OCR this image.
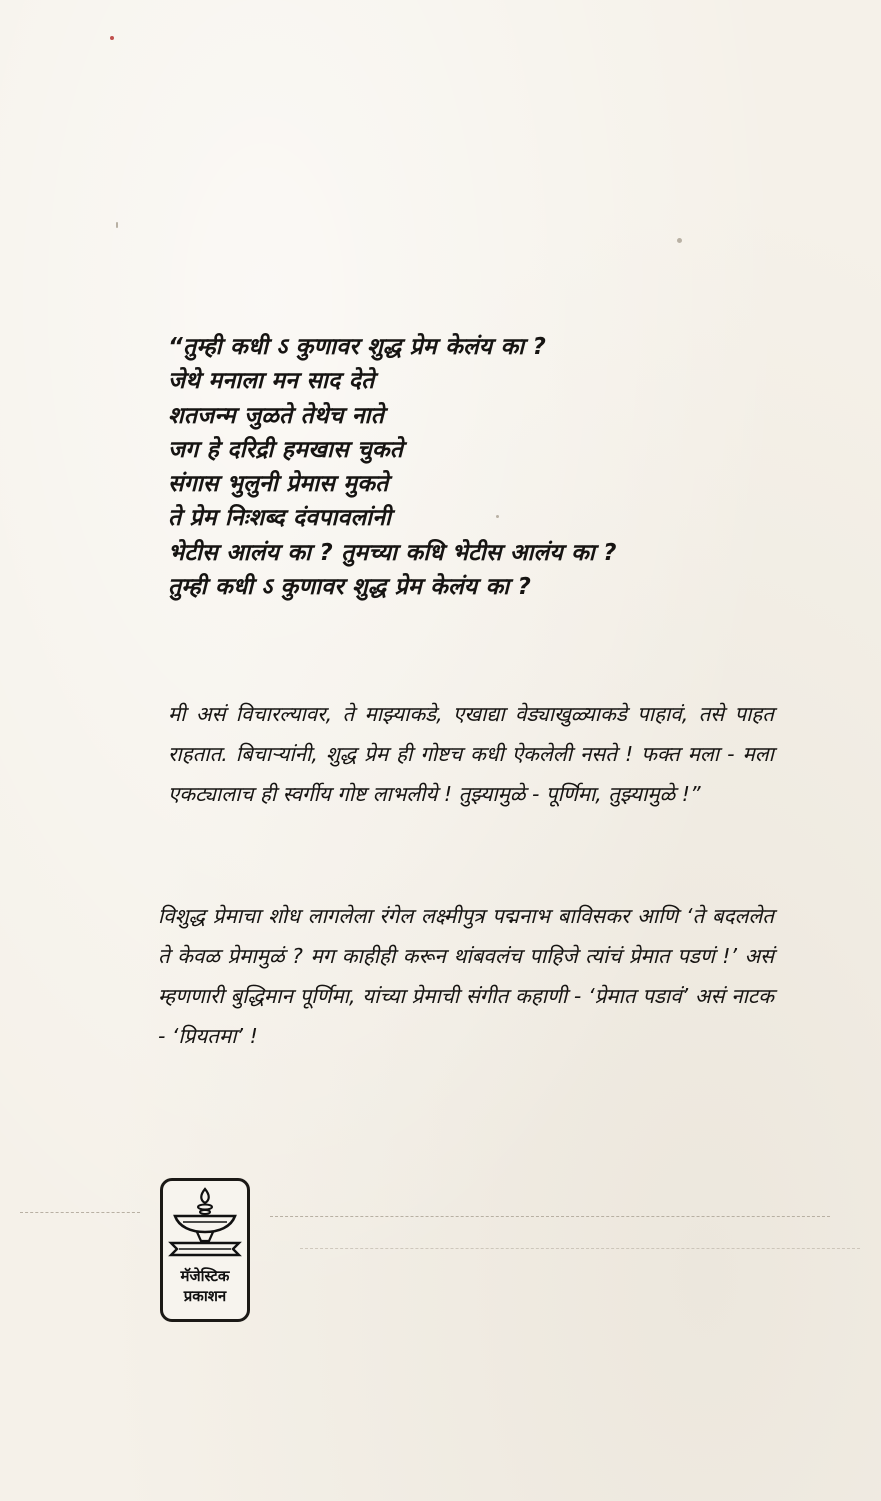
“तुम्ही कधी ऽ कुणावर शुद्ध प्रेम केलंय का ?
जेथे मनाला मन साद देते
शतजन्म जुळते तेथेच नाते
जग हे दरिद्री हमखास चुकते
संगास भुलुनी प्रेमास मुकते
ते प्रेम निःशब्द दंवपावलांनी
भेटीस आलंय का ? तुमच्या कधि भेटीस आलंय का ?
तुम्ही कधी ऽ कुणावर शुद्ध प्रेम केलंय का ?

मी असं विचारल्यावर, ते माझ्याकडे, एखाद्या वेड्याखुळ्याकडे पाहावं, तसे पाहत राहतात. बिचाऱ्यांनी, शुद्ध प्रेम ही गोष्टच कधी ऐकलेली नसते ! फक्त मला - मला एकट्यालाच ही स्वर्गीय गोष्ट लाभलीये ! तुझ्यामुळे - पूर्णिमा, तुझ्यामुळे !”

विशुद्ध प्रेमाचा शोध लागलेला रंगेल लक्ष्मीपुत्र पद्मनाभ बाविसकर आणि ‘ते बदललेत ते केवळ प्रेमामुळं ? मग काहीही करून थांबवलंच पाहिजे त्यांचं प्रेमात पडणं !’ असं म्हणणारी बुद्धिमान पूर्णिमा, यांच्या प्रेमाची संगीत कहाणी - ‘प्रेमात पडावं’ असं नाटक - ‘प्रियतमा’ !

मॅजेस्टिक
प्रकाशन
